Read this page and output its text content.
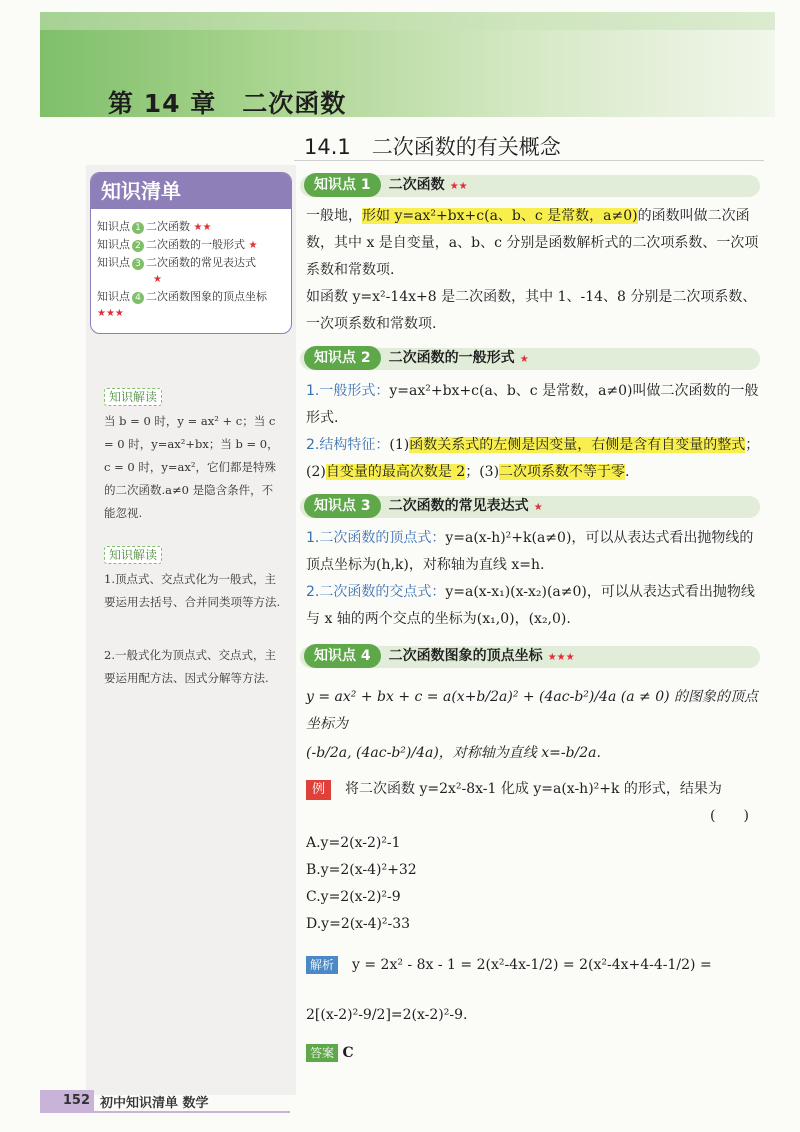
第 14 章　二次函数
14.1　二次函数的有关概念
知识清单
知识点 1 二次函数 ★★
知识点 2 二次函数的一般形式 ★
知识点 3 二次函数的常见表达式
★
知识点 4 二次函数图象的顶点坐标 ★★★
知识解读
当 b = 0 时，y = ax² + c；当 c = 0 时，y=ax²+bx；当 b = 0，c = 0 时，y=ax²，它们都是特殊的二次函数.a≠0 是隐含条件，不能忽视.
知识解读
1.顶点式、交点式化为一般式，主要运用去括号、合并同类项等方法.
2.一般式化为顶点式、交点式，主要运用配方法、因式分解等方法.
知识点 1 二次函数 ★★
一般地，形如 y=ax²+bx+c(a、b、c 是常数，a≠0)的函数叫做二次函数，其中 x 是自变量，a、b、c 分别是函数解析式的二次项系数、一次项系数和常数项.
如函数 y=x²-14x+8 是二次函数，其中 1、-14、8 分别是二次项系数、一次项系数和常数项.
知识点 2 二次函数的一般形式 ★
1.一般形式：y=ax²+bx+c(a、b、c 是常数，a≠0)叫做二次函数的一般形式.
2.结构特征：(1)函数关系式的左侧是因变量，右侧是含有自变量的整式；(2)自变量的最高次数是 2；(3)二次项系数不等于零.
知识点 3 二次函数的常见表达式 ★
1.二次函数的顶点式：y=a(x-h)²+k(a≠0)，可以从表达式看出抛物线的顶点坐标为(h,k)，对称轴为直线 x=h.
2.二次函数的交点式：y=a(x-x₁)(x-x₂)(a≠0)，可以从表达式看出抛物线与 x 轴的两个交点的坐标为(x₁,0)，(x₂,0).
知识点 4 二次函数图象的顶点坐标 ★★★
y = ax² + bx + c = a(x+b/2a)² + (4ac-b²)/4a (a ≠ 0) 的图象的顶点坐标为
(-b/2a, (4ac-b²)/4a)，对称轴为直线 x=-b/2a.
例　 将二次函数 y=2x²-8x-1 化成 y=a(x-h)²+k 的形式，结果为
(　　)
A.y=2(x-2)²-1
B.y=2(x-4)²+32
C.y=2(x-2)²-9
D.y=2(x-4)²-33
解析　 y = 2x² - 8x - 1 = 2(x²-4x-1/2) = 2(x²-4x+4-4-1/2) =
2[(x-2)²-9/2]=2(x-2)²-9.
答案 C
152 初中知识清单 数学
